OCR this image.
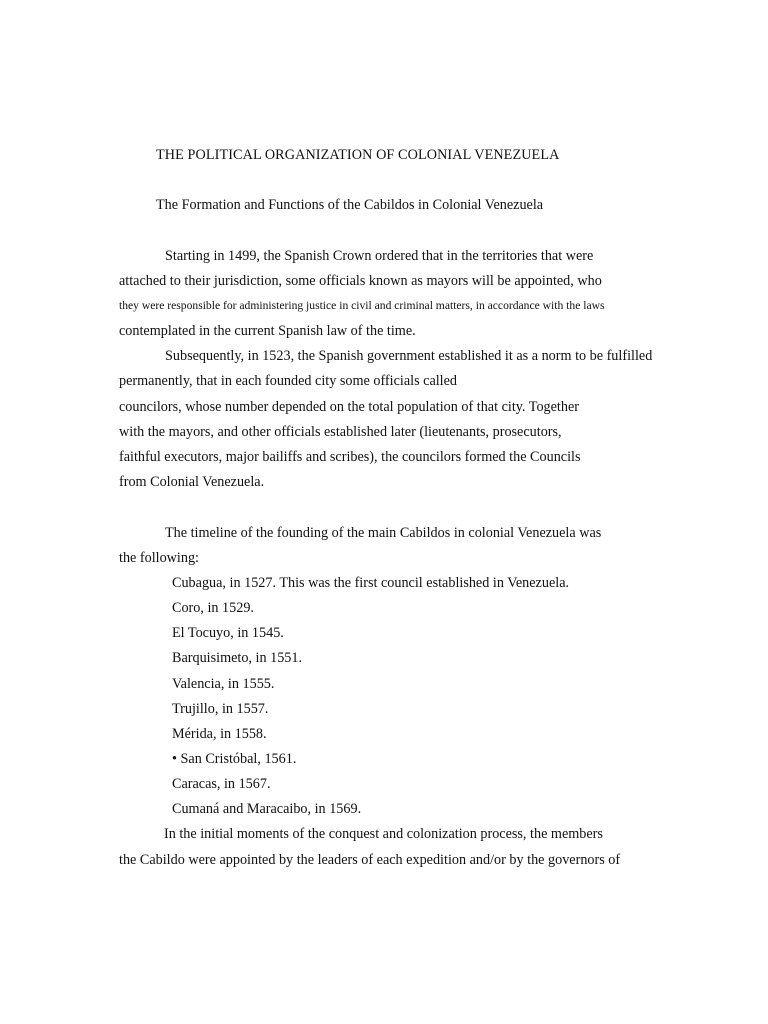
THE POLITICAL ORGANIZATION OF COLONIAL VENEZUELA
The Formation and Functions of the Cabildos in Colonial Venezuela
Starting in 1499, the Spanish Crown ordered that in the territories that were
attached to their jurisdiction, some officials known as mayors will be appointed, who
they were responsible for administering justice in civil and criminal matters, in accordance with the laws
contemplated in the current Spanish law of the time.
Subsequently, in 1523, the Spanish government established it as a norm to be fulfilled
permanently, that in each founded city some officials called
councilors, whose number depended on the total population of that city. Together
with the mayors, and other officials established later (lieutenants, prosecutors,
faithful executors, major bailiffs and scribes), the councilors formed the Councils
from Colonial Venezuela.
The timeline of the founding of the main Cabildos in colonial Venezuela was
the following:
Cubagua, in 1527. This was the first council established in Venezuela.
Coro, in 1529.
El Tocuyo, in 1545.
Barquisimeto, in 1551.
Valencia, in 1555.
Trujillo, in 1557.
Mérida, in 1558.
• San Cristóbal, 1561.
Caracas, in 1567.
Cumaná and Maracaibo, in 1569.
In the initial moments of the conquest and colonization process, the members
the Cabildo were appointed by the leaders of each expedition and/or by the governors of
